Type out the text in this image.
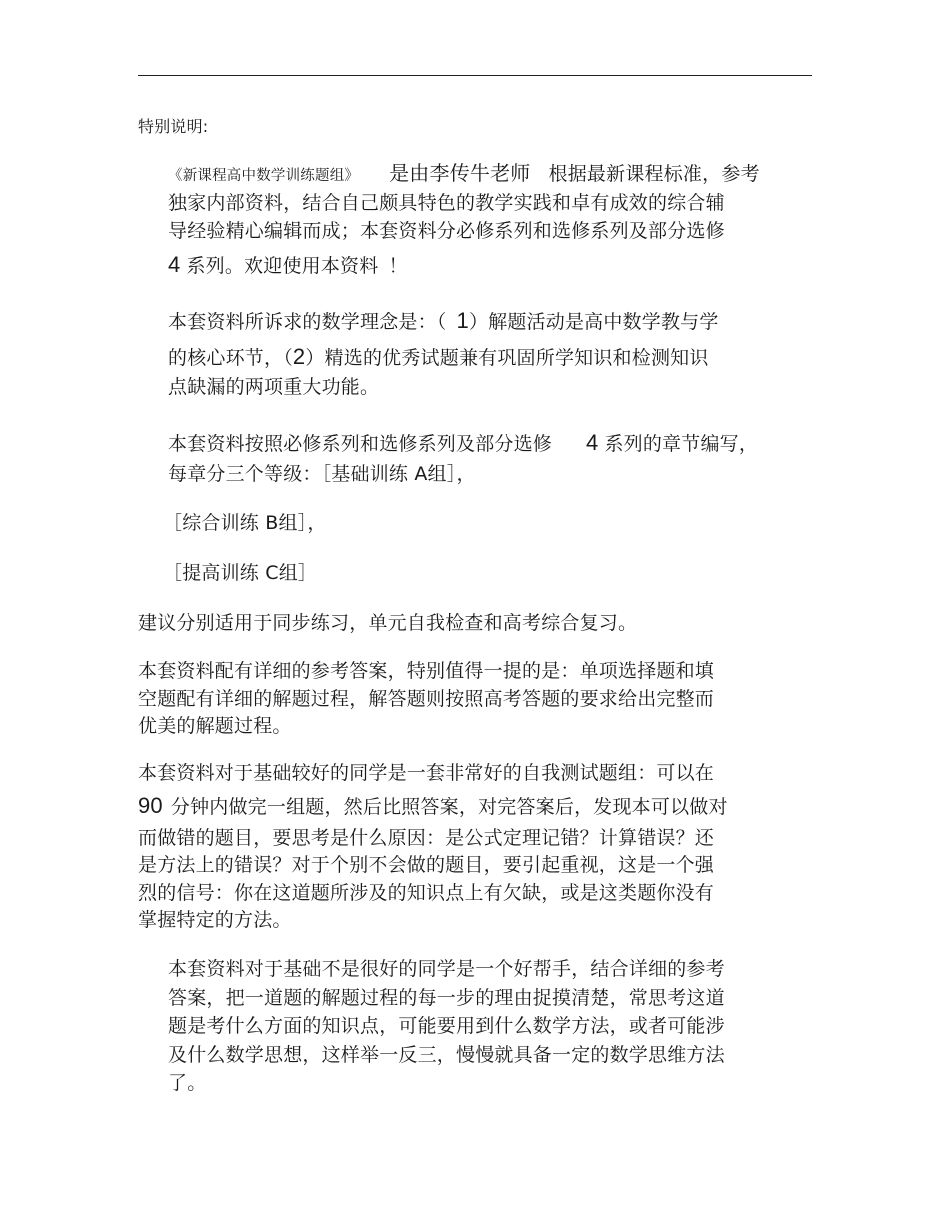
特别说明:
《新课程高中数学训练题组》 是由李传牛老师 根据最新课程标准，参考
独家内部资料，结合自己颇具特色的教学实践和卓有成效的综合辅
导经验精心编辑而成；本套资料分必修系列和选修系列及部分选修
4 系列。欢迎使用本资料 ！
本套资料所诉求的数学理念是：（ 1）解题活动是高中数学教与学
的核心环节，（2）精选的优秀试题兼有巩固所学知识和检测知识
点缺漏的两项重大功能。
本套资料按照必修系列和选修系列及部分选修 4 系列的章节编写，
每章分三个等级：［基础训练 A组］，
［综合训练 B组］，
［提高训练 C组］
建议分别适用于同步练习，单元自我检查和高考综合复习。
本套资料配有详细的参考答案，特别值得一提的是：单项选择题和填
空题配有详细的解题过程，解答题则按照高考答题的要求给出完整而
优美的解题过程。
本套资料对于基础较好的同学是一套非常好的自我测试题组：可以在
90 分钟内做完一组题，然后比照答案，对完答案后，发现本可以做对
而做错的题目，要思考是什么原因：是公式定理记错？计算错误？还
是方法上的错误？对于个别不会做的题目，要引起重视，这是一个强
烈的信号：你在这道题所涉及的知识点上有欠缺，或是这类题你没有
掌握特定的方法。
本套资料对于基础不是很好的同学是一个好帮手，结合详细的参考
答案，把一道题的解题过程的每一步的理由捉摸清楚，常思考这道
题是考什么方面的知识点，可能要用到什么数学方法，或者可能涉
及什么数学思想，这样举一反三，慢慢就具备一定的数学思维方法
了。
